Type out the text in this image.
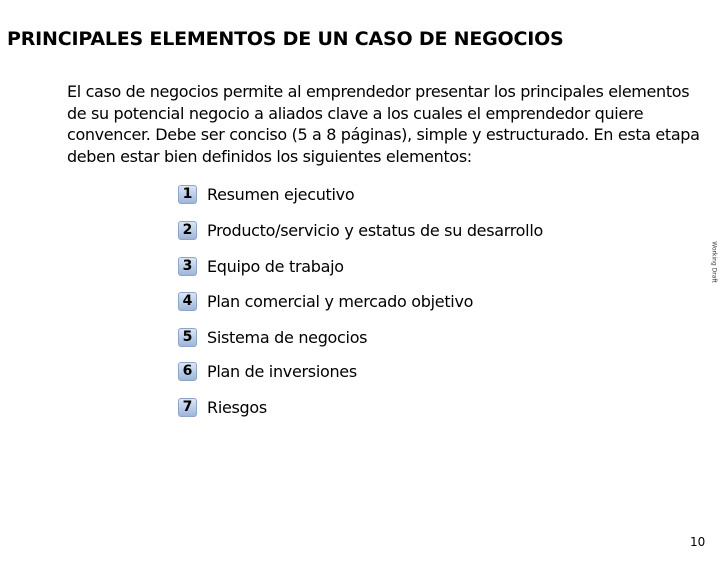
PRINCIPALES ELEMENTOS DE UN CASO DE NEGOCIOS
El caso de negocios permite al emprendedor presentar los principales elementos
de su potencial negocio a aliados clave a los cuales el emprendedor quiere
convencer. Debe ser conciso (5 a 8 páginas), simple y estructurado. En esta etapa
deben estar bien definidos los siguientes elementos:
1 Resumen ejecutivo
2 Producto/servicio y estatus de su desarrollo
3 Equipo de trabajo
4 Plan comercial y mercado objetivo
5 Sistema de negocios
6 Plan de inversiones
7 Riesgos
Working Draft
10
